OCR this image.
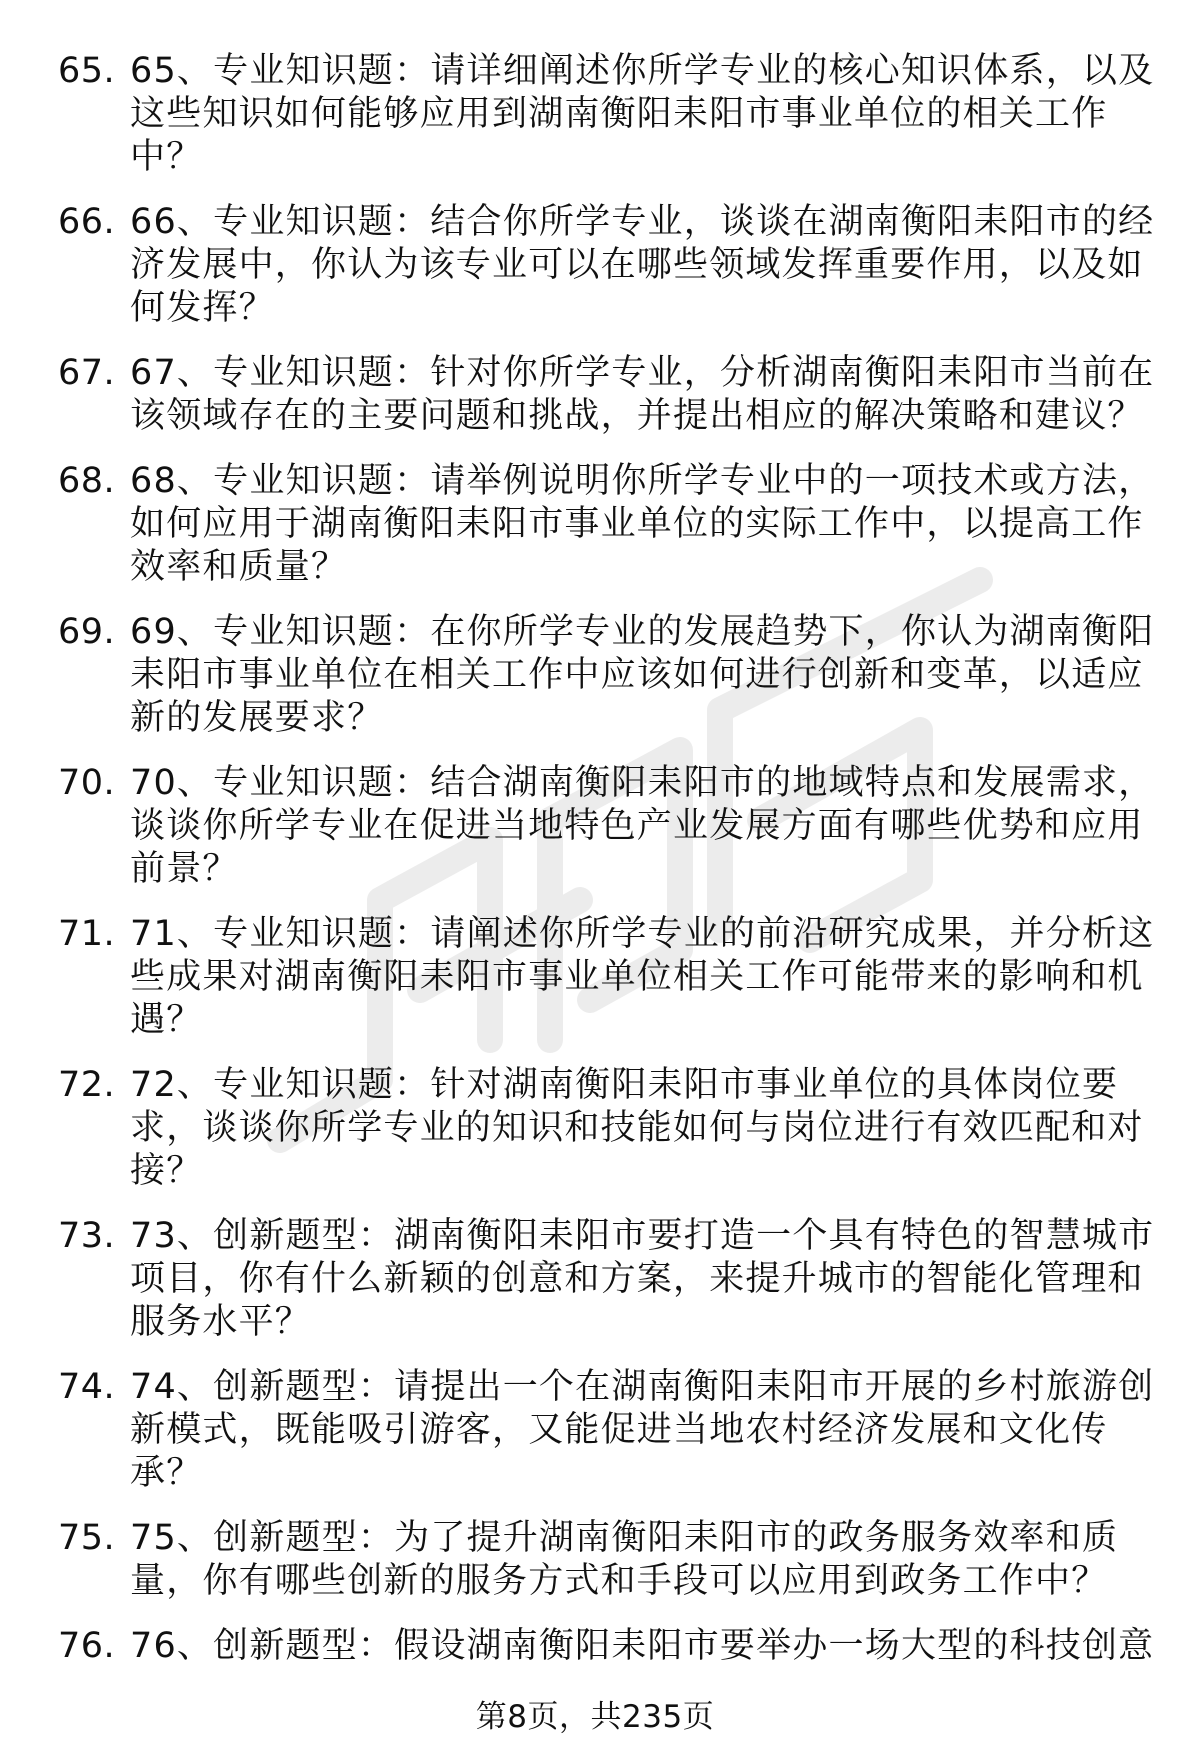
65. 65、专业知识题：请详细阐述你所学专业的核心知识体系，以及这些知识如何能够应用到湖南衡阳耒阳市事业单位的相关工作中？
66. 66、专业知识题：结合你所学专业，谈谈在湖南衡阳耒阳市的经济发展中，你认为该专业可以在哪些领域发挥重要作用，以及如何发挥？
67. 67、专业知识题：针对你所学专业，分析湖南衡阳耒阳市当前在该领域存在的主要问题和挑战，并提出相应的解决策略和建议？
68. 68、专业知识题：请举例说明你所学专业中的一项技术或方法，如何应用于湖南衡阳耒阳市事业单位的实际工作中，以提高工作效率和质量？
69. 69、专业知识题：在你所学专业的发展趋势下，你认为湖南衡阳耒阳市事业单位在相关工作中应该如何进行创新和变革，以适应新的发展要求？
70. 70、专业知识题：结合湖南衡阳耒阳市的地域特点和发展需求，谈谈你所学专业在促进当地特色产业发展方面有哪些优势和应用前景？
71. 71、专业知识题：请阐述你所学专业的前沿研究成果，并分析这些成果对湖南衡阳耒阳市事业单位相关工作可能带来的影响和机遇？
72. 72、专业知识题：针对湖南衡阳耒阳市事业单位的具体岗位要求，谈谈你所学专业的知识和技能如何与岗位进行有效匹配和对接？
73. 73、创新题型：湖南衡阳耒阳市要打造一个具有特色的智慧城市项目，你有什么新颖的创意和方案，来提升城市的智能化管理和服务水平？
74. 74、创新题型：请提出一个在湖南衡阳耒阳市开展的乡村旅游创新模式，既能吸引游客，又能促进当地农村经济发展和文化传承？
75. 75、创新题型：为了提升湖南衡阳耒阳市的政务服务效率和质量，你有哪些创新的服务方式和手段可以应用到政务工作中？
76. 76、创新题型：假设湖南衡阳耒阳市要举办一场大型的科技创意
第8页，共235页
